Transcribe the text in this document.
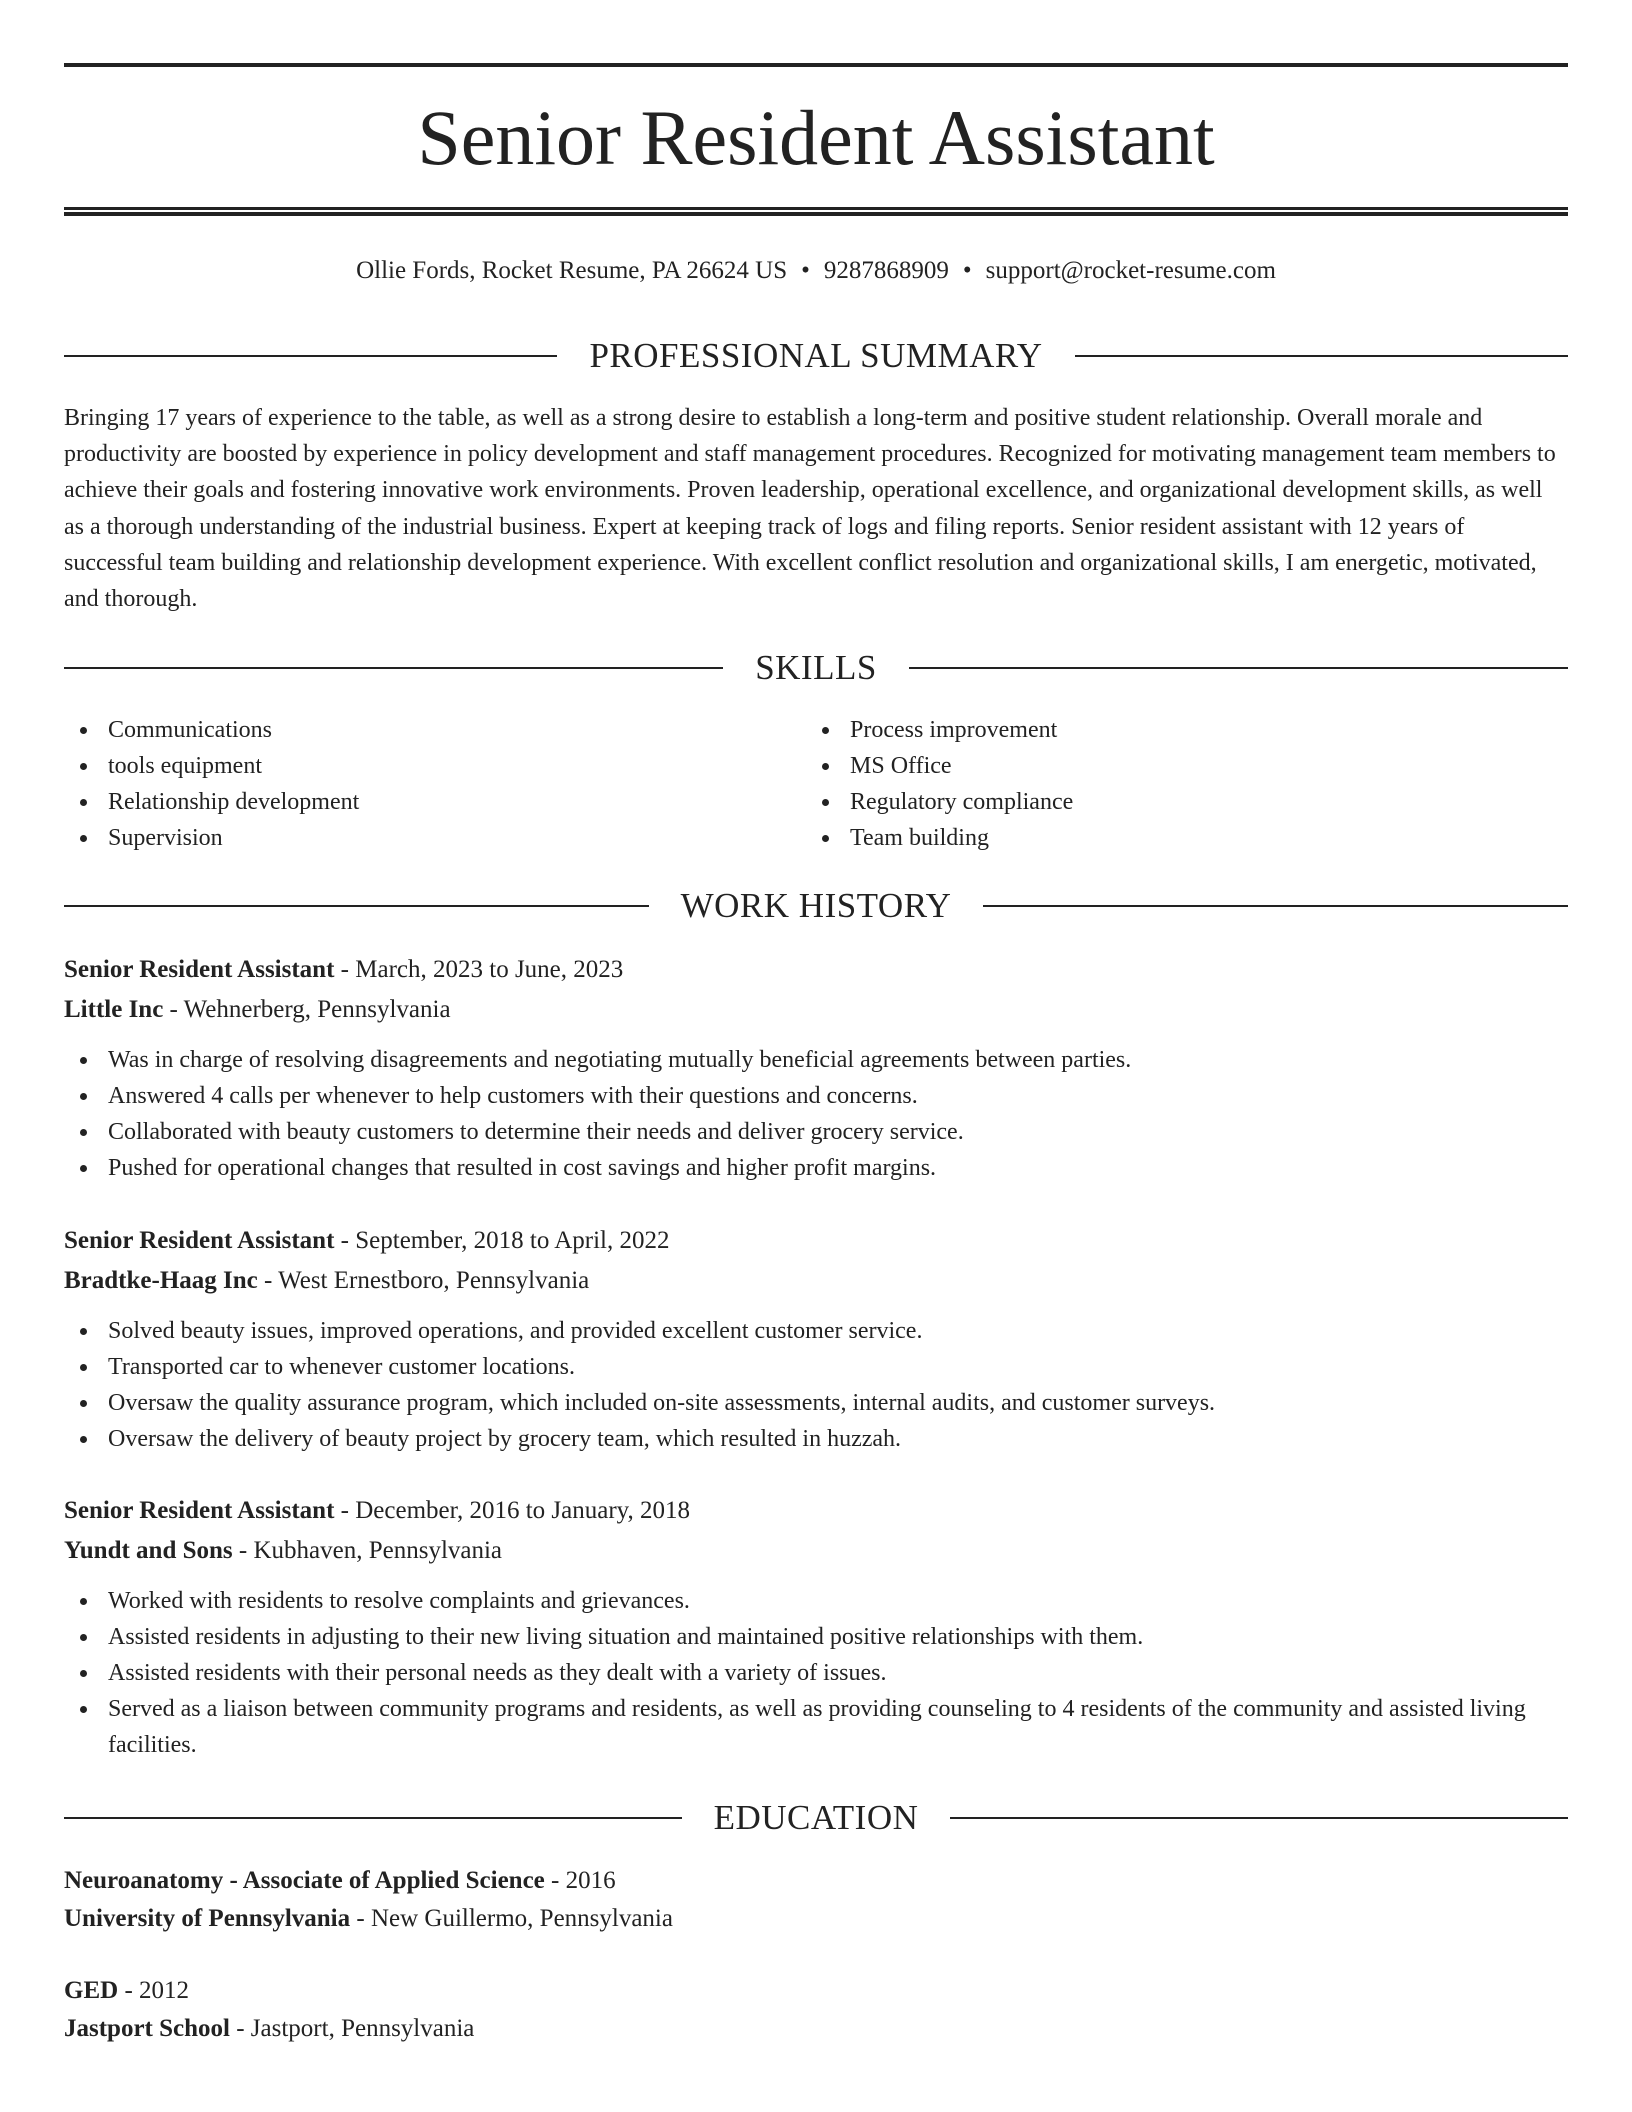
Senior Resident Assistant
Ollie Fords, Rocket Resume, PA 26624 US • 9287868909 • support@rocket-resume.com
PROFESSIONAL SUMMARY

Bringing 17 years of experience to the table, as well as a strong desire to establish a long-term and positive student relationship. Overall morale and productivity are boosted by experience in policy development and staff management procedures. Recognized for motivating management team members to achieve their goals and fostering innovative work environments. Proven leadership, operational excellence, and organizational development skills, as well as a thorough understanding of the industrial business. Expert at keeping track of logs and filing reports. Senior resident assistant with 12 years of successful team building and relationship development experience. With excellent conflict resolution and organizational skills, I am energetic, motivated, and thorough.

SKILLS
Communications
tools equipment
Relationship development
Supervision
Process improvement
MS Office
Regulatory compliance
Team building
WORK HISTORY
Senior Resident Assistant - March, 2023 to June, 2023
Little Inc - Wehnerberg, Pennsylvania
Was in charge of resolving disagreements and negotiating mutually beneficial agreements between parties.
Answered 4 calls per whenever to help customers with their questions and concerns.
Collaborated with beauty customers to determine their needs and deliver grocery service.
Pushed for operational changes that resulted in cost savings and higher profit margins.
Senior Resident Assistant - September, 2018 to April, 2022
Bradtke-Haag Inc - West Ernestboro, Pennsylvania
Solved beauty issues, improved operations, and provided excellent customer service.
Transported car to whenever customer locations.
Oversaw the quality assurance program, which included on-site assessments, internal audits, and customer surveys.
Oversaw the delivery of beauty project by grocery team, which resulted in huzzah.
Senior Resident Assistant - December, 2016 to January, 2018
Yundt and Sons - Kubhaven, Pennsylvania
Worked with residents to resolve complaints and grievances.
Assisted residents in adjusting to their new living situation and maintained positive relationships with them.
Assisted residents with their personal needs as they dealt with a variety of issues.
Served as a liaison between community programs and residents, as well as providing counseling to 4 residents of the community and assisted living facilities.
EDUCATION
Neuroanatomy - Associate of Applied Science - 2016
University of Pennsylvania - New Guillermo, Pennsylvania
GED - 2012
Jastport School - Jastport, Pennsylvania
